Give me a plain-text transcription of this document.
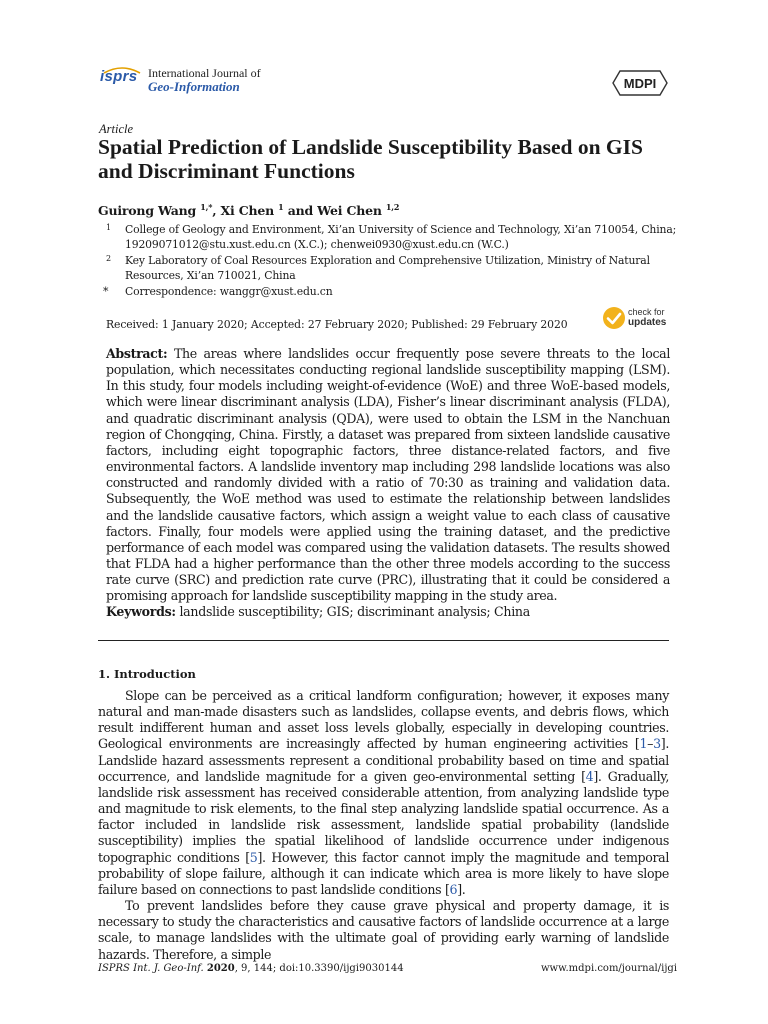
isprs International Journal of
Geo-Information	MDPI
Article
Spatial Prediction of Landslide Susceptibility Based on GIS and Discriminant Functions
Guirong Wang $^{1,*}$, Xi Chen $^1$ and Wei Chen $^{1,2}$
1 College of Geology and Environment, Xi’an University of Science and Technology, Xi’an 710054, China; 19209071012@stu.xust.edu.cn (X.C.); chenwei0930@xust.edu.cn (W.C.)
2 Key Laboratory of Coal Resources Exploration and Comprehensive Utilization, Ministry of Natural Resources, Xi’an 710021, China
* Correspondence: wanggr@xust.edu.cn
Received: 1 January 2020; Accepted: 27 February 2020; Published: 29 February 2020
check for
updates
Abstract: The areas where landslides occur frequently pose severe threats to the local population, which necessitates conducting regional landslide susceptibility mapping (LSM). In this study, four models including weight-of-evidence (WoE) and three WoE-based models, which were linear discriminant analysis (LDA), Fisher’s linear discriminant analysis (FLDA), and quadratic discriminant analysis (QDA), were used to obtain the LSM in the Nanchuan region of Chongqing, China. Firstly, a dataset was prepared from sixteen landslide causative factors, including eight topographic factors, three distance-related factors, and five environmental factors. A landslide inventory map including 298 landslide locations was also constructed and randomly divided with a ratio of 70:30 as training and validation data. Subsequently, the WoE method was used to estimate the relationship between landslides and the landslide causative factors, which assign a weight value to each class of causative factors. Finally, four models were applied using the training dataset, and the predictive performance of each model was compared using the validation datasets. The results showed that FLDA had a higher performance than the other three models according to the success rate curve (SRC) and prediction rate curve (PRC), illustrating that it could be considered a promising approach for landslide susceptibility mapping in the study area.
Keywords: landslide susceptibility; GIS; discriminant analysis; China
1. Introduction

Slope can be perceived as a critical landform configuration; however, it exposes many natural and man-made disasters such as landslides, collapse events, and debris flows, which result indifferent human and asset loss levels globally, especially in developing countries. Geological environments are increasingly affected by human engineering activities [1–3]. Landslide hazard assessments represent a conditional probability based on time and spatial occurrence, and landslide magnitude for a given geo-environmental setting [4]. Gradually, landslide risk assessment has received considerable attention, from analyzing landslide type and magnitude to risk elements, to the final step analyzing landslide spatial occurrence. As a factor included in landslide risk assessment, landslide spatial probability (landslide susceptibility) implies the spatial likelihood of landslide occurrence under indigenous topographic conditions [5]. However, this factor cannot imply the magnitude and temporal probability of slope failure, although it can indicate which area is more likely to have slope failure based on connections to past landslide conditions [6].

To prevent landslides before they cause grave physical and property damage, it is necessary to study the characteristics and causative factors of landslide occurrence at a large scale, to manage landslides with the ultimate goal of providing early warning of landslide hazards. Therefore, a simple

ISPRS Int. J. Geo-Inf. 2020, 9, 144; doi:10.3390/ijgi9030144	www.mdpi.com/journal/ijgi
